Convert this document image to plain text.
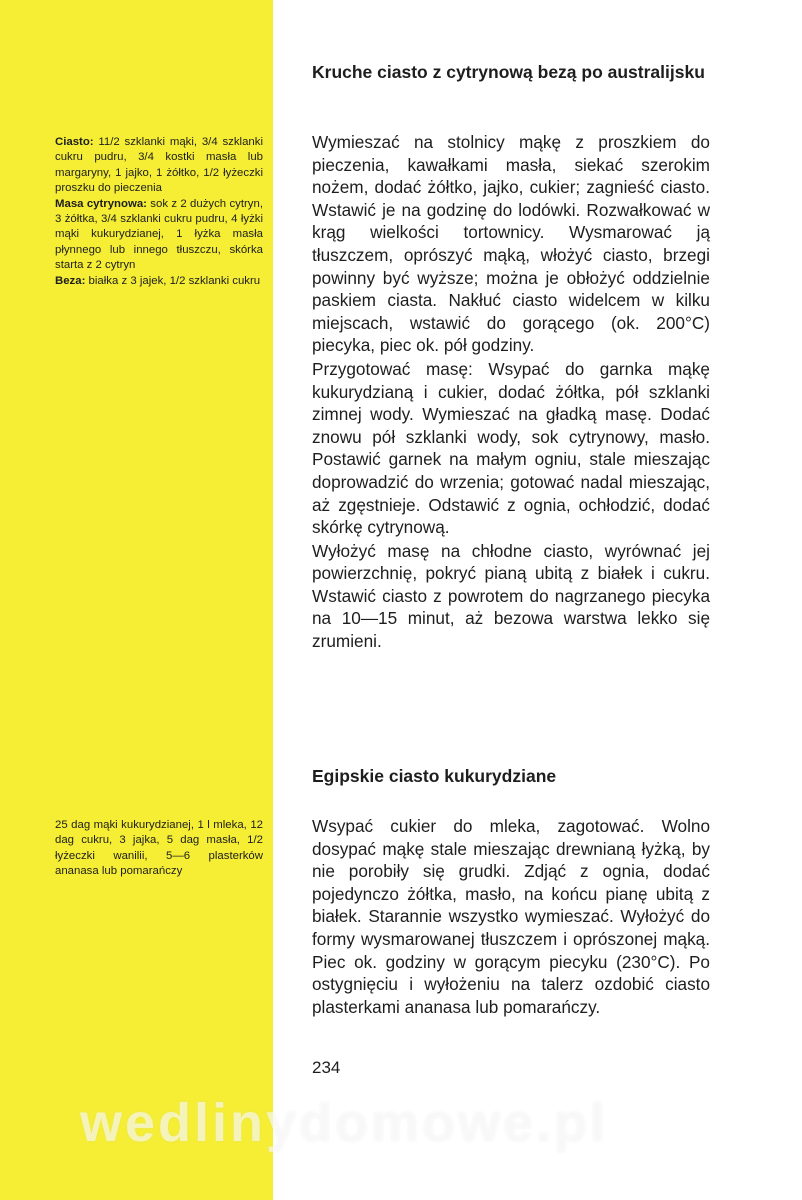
Ciasto: 11/2 szklanki mąki, 3/4 szklanki cukru pudru, 3/4 kostki masła lub margaryny, 1 jajko, 1 żółtko, 1/2 łyżeczki proszku do pieczenia
Masa cytrynowa: sok z 2 dużych cytryn, 3 żółtka, 3/4 szklanki cukru pudru, 4 łyżki mąki kukurydzianej, 1 łyżka masła płynnego lub innego tłuszczu, skórka starta z 2 cytryn
Beza: białka z 3 jajek, 1/2 szklanki cukru
25 dag mąki kukurydzianej, 1 l mleka, 12 dag cukru, 3 jajka, 5 dag masła, 1/2 łyżeczki wanilii, 5—6 plasterków ananasa lub pomarańczy
Kruche ciasto z cytrynową bezą po australijsku

Wymieszać na stolnicy mąkę z proszkiem do pieczenia, kawałkami masła, siekać szerokim nożem, dodać żółtko, jajko, cukier; zagnieść ciasto. Wstawić je na godzinę do lodówki. Rozwałkować w krąg wielkości tortownicy. Wysmarować ją tłuszczem, oprószyć mąką, włożyć ciasto, brzegi powinny być wyższe; można je obłożyć oddzielnie paskiem ciasta. Nakłuć ciasto widelcem w kilku miejscach, wstawić do gorącego (ok. 200°C) piecyka, piec ok. pół godziny.

Przygotować masę: Wsypać do garnka mąkę kukurydzianą i cukier, dodać żółtka, pół szklanki zimnej wody. Wymieszać na gładką masę. Dodać znowu pół szklanki wody, sok cytrynowy, masło. Postawić garnek na małym ogniu, stale mieszając doprowadzić do wrzenia; gotować nadal mieszając, aż zgęstnieje. Odstawić z ognia, ochłodzić, dodać skórkę cytrynową.

Wyłożyć masę na chłodne ciasto, wyrównać jej powierzchnię, pokryć pianą ubitą z białek i cukru. Wstawić ciasto z powrotem do nagrzanego piecyka na 10—15 minut, aż bezowa warstwa lekko się zrumieni.

Egipskie ciasto kukurydziane

Wsypać cukier do mleka, zagotować. Wolno dosypać mąkę stale mieszając drewnianą łyżką, by nie porobiły się grudki. Zdjąć z ognia, dodać pojedynczo żółtka, masło, na końcu pianę ubitą z białek. Starannie wszystko wymieszać. Wyłożyć do formy wysmarowanej tłuszczem i oprószonej mąką. Piec ok. godziny w gorącym piecyku (230°C). Po ostygnięciu i wyłożeniu na talerz ozdobić ciasto plasterkami ananasa lub pomarańczy.

234
wedlinydomowe.pl
